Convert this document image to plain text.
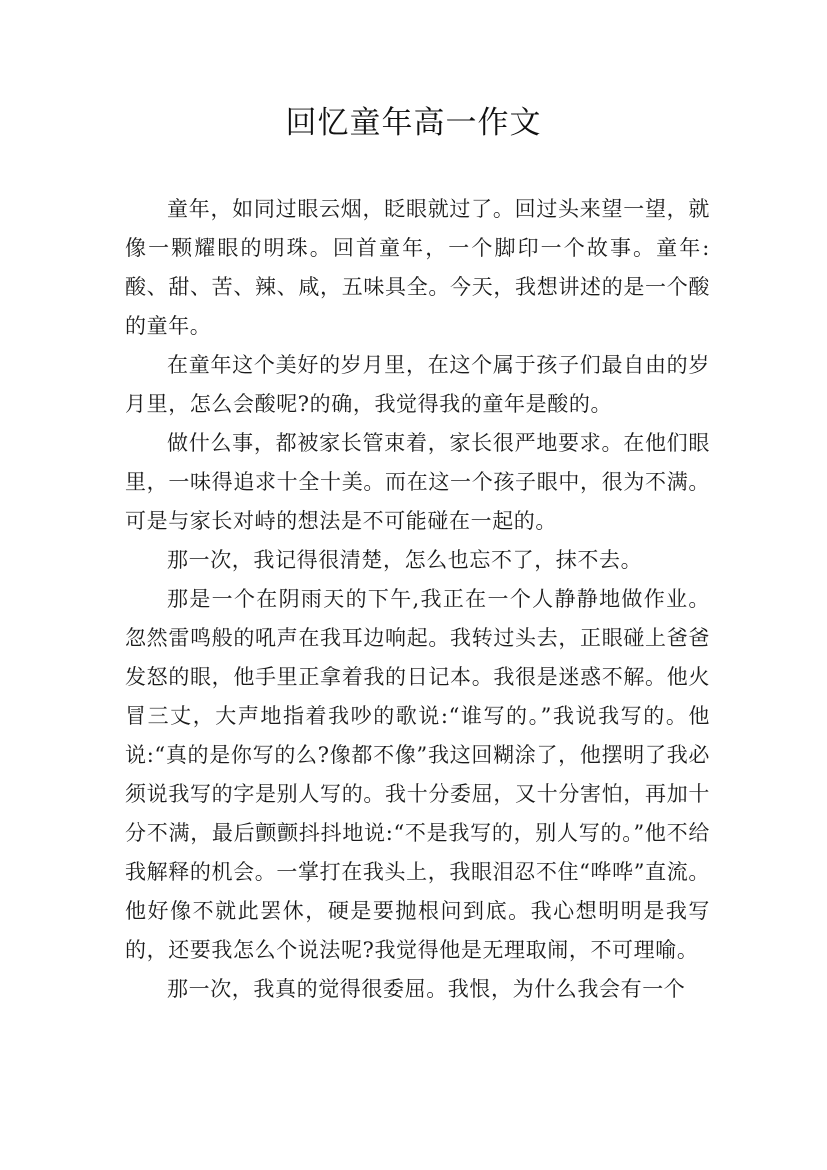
回忆童年高一作文

童年，如同过眼云烟，眨眼就过了。回过头来望一望，就像一颗耀眼的明珠。回首童年，一个脚印一个故事。童年:酸、甜、苦、辣、咸，五味具全。今天，我想讲述的是一个酸的童年。

在童年这个美好的岁月里，在这个属于孩子们最自由的岁月里，怎么会酸呢?的确，我觉得我的童年是酸的。

做什么事，都被家长管束着，家长很严地要求。在他们眼里，一味得追求十全十美。而在这一个孩子眼中，很为不满。可是与家长对峙的想法是不可能碰在一起的。

那一次，我记得很清楚，怎么也忘不了，抹不去。

那是一个在阴雨天的下午,我正在一个人静静地做作业。忽然雷鸣般的吼声在我耳边响起。我转过头去，正眼碰上爸爸发怒的眼，他手里正拿着我的日记本。我很是迷惑不解。他火冒三丈，大声地指着我吵的歌说:“谁写的。”我说我写的。他说:“真的是你写的么?像都不像”我这回糊涂了，他摆明了我必须说我写的字是别人写的。我十分委屈，又十分害怕，再加十分不满，最后颤颤抖抖地说:“不是我写的，别人写的。”他不给我解释的机会。一掌打在我头上，我眼泪忍不住“哗哗”直流。他好像不就此罢休，硬是要抛根问到底。我心想明明是我写的，还要我怎么个说法呢?我觉得他是无理取闹，不可理喻。

那一次，我真的觉得很委屈。我恨，为什么我会有一个
